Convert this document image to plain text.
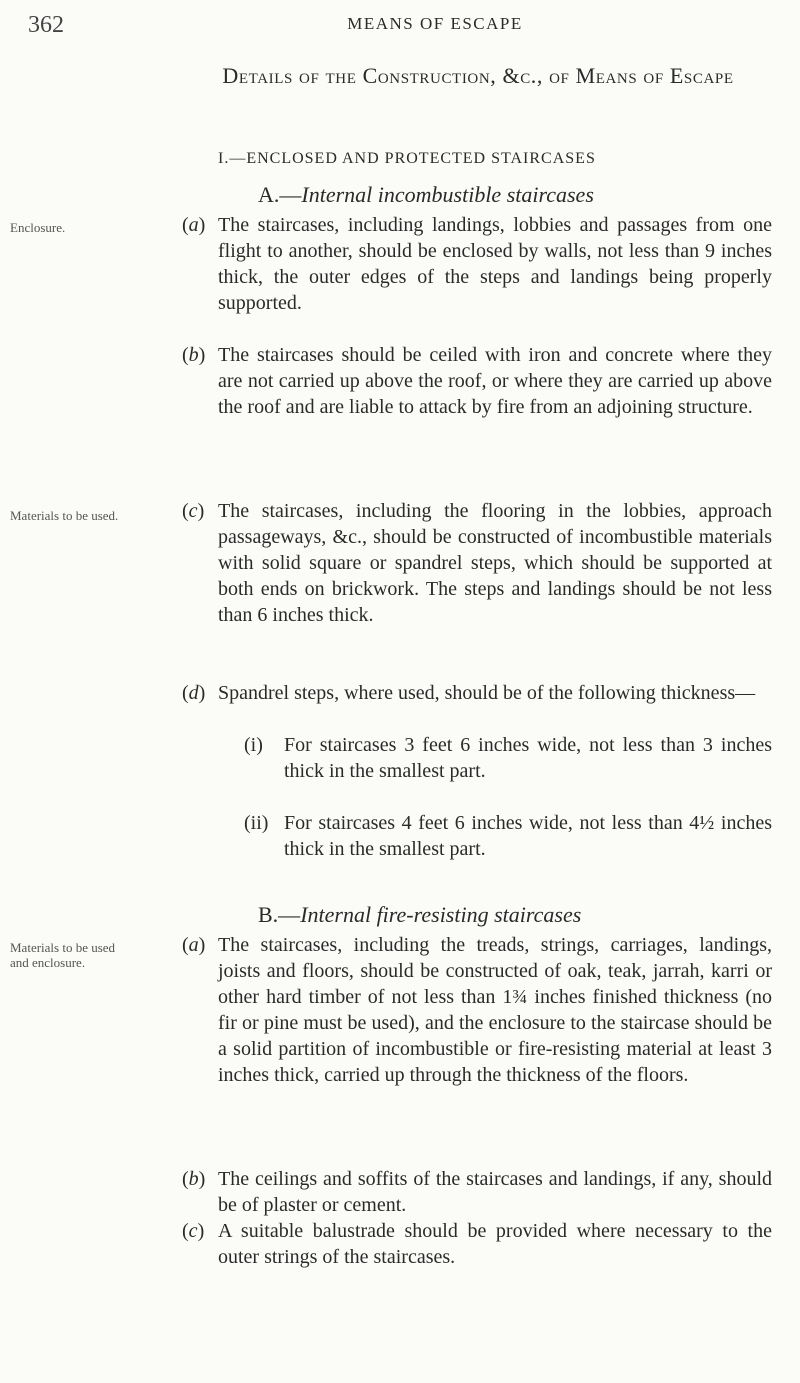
362	MEANS OF ESCAPE
Details of the Construction, &c., of Means of Escape
I.—ENCLOSED AND PROTECTED STAIRCASES
A.—Internal incombustible staircases
Enclosure.	(a) The staircases, including landings, lobbies and passages from one flight to another, should be enclosed by walls, not less than 9 inches thick, the outer edges of the steps and landings being properly supported.
(b) The staircases should be ceiled with iron and concrete where they are not carried up above the roof, or where they are carried up above the roof and are liable to attack by fire from an adjoining structure.
Materials to be used.	(c) The staircases, including the flooring in the lobbies, approach passageways, &c., should be constructed of incombustible materials with solid square or spandrel steps, which should be supported at both ends on brickwork. The steps and landings should be not less than 6 inches thick.
(d) Spandrel steps, where used, should be of the following thickness—
(i) For staircases 3 feet 6 inches wide, not less than 3 inches thick in the smallest part.
(ii) For staircases 4 feet 6 inches wide, not less than 4½ inches thick in the smallest part.
B.—Internal fire-resisting staircases
Materials to be used and enclosure.
(a) The staircases, including the treads, strings, carriages, landings, joists and floors, should be constructed of oak, teak, jarrah, karri or other hard timber of not less than 1¾ inches finished thickness (no fir or pine must be used), and the enclosure to the staircase should be a solid partition of incombustible or fire-resisting material at least 3 inches thick, carried up through the thickness of the floors.
(b) The ceilings and soffits of the staircases and landings, if any, should be of plaster or cement.
(c) A suitable balustrade should be provided where necessary to the outer strings of the staircases.
